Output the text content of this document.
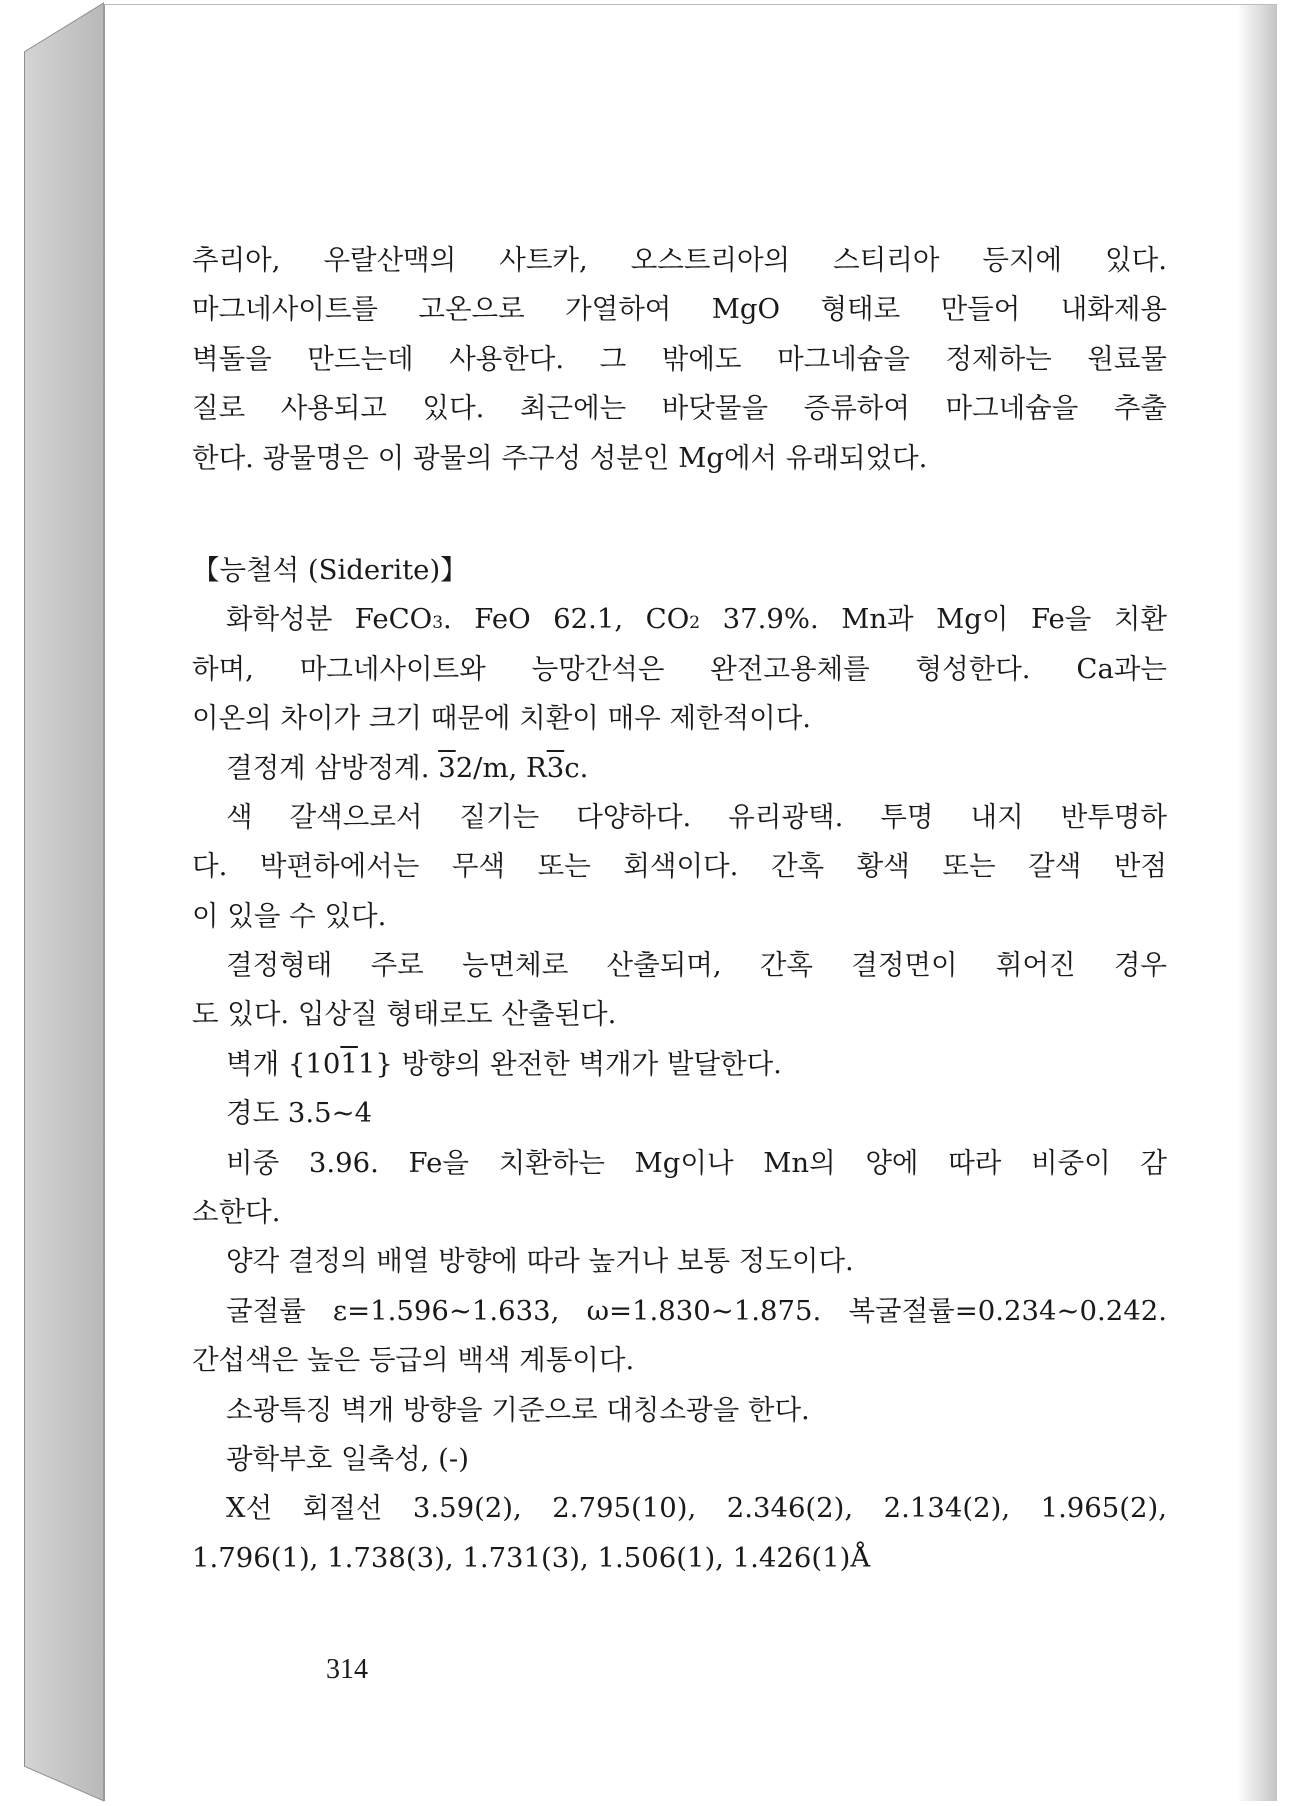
추리아, 우랄산맥의 사트카, 오스트리아의 스티리아 등지에 있다.
마그네사이트를 고온으로 가열하여 MgO 형태로 만들어 내화제용
벽돌을 만드는데 사용한다. 그 밖에도 마그네슘을 정제하는 원료물
질로 사용되고 있다. 최근에는 바닷물을 증류하여 마그네슘을 추출
한다. 광물명은 이 광물의 주구성 성분인 Mg에서 유래되었다.
【능철석 (Siderite)】
화학성분 FeCO3. FeO 62.1, CO2 37.9%. Mn과 Mg이 Fe을 치환
하며, 마그네사이트와 능망간석은 완전고용체를 형성한다. Ca과는
이온의 차이가 크기 때문에 치환이 매우 제한적이다.
결정계 삼방정계. 32/m, R3c.
색 갈색으로서 짙기는 다양하다. 유리광택. 투명 내지 반투명하
다. 박편하에서는 무색 또는 회색이다. 간혹 황색 또는 갈색 반점
이 있을 수 있다.
결정형태 주로 능면체로 산출되며, 간혹 결정면이 휘어진 경우
도 있다. 입상질 형태로도 산출된다.
벽개 {1011} 방향의 완전한 벽개가 발달한다.
경도 3.5~4
비중 3.96. Fe을 치환하는 Mg이나 Mn의 양에 따라 비중이 감
소한다.
양각 결정의 배열 방향에 따라 높거나 보통 정도이다.
굴절률 ε=1.596~1.633, ω=1.830~1.875. 복굴절률=0.234~0.242.
간섭색은 높은 등급의 백색 계통이다.
소광특징 벽개 방향을 기준으로 대칭소광을 한다.
광학부호 일축성, (-)
X선 회절선 3.59(2), 2.795(10), 2.346(2), 2.134(2), 1.965(2),
1.796(1), 1.738(3), 1.731(3), 1.506(1), 1.426(1)Å
314
